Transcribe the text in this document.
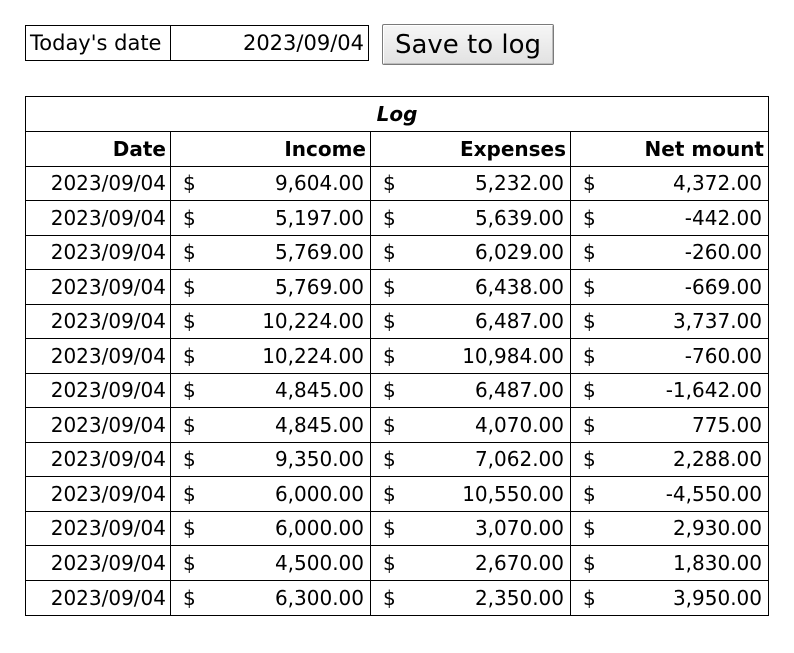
Today's date	2023/09/04	Save to log
Log
Date	Income	Expenses	Net mount
2023/09/04 $	9,604.00 $	5,232.00 $	4,372.00
2023/09/04 $	5,197.00 $	5,639.00 $	-442.00
2023/09/04 $	5,769.00 $	6,029.00 $	-260.00
2023/09/04 $	5,769.00 $	6,438.00 $	-669.00
2023/09/04 $	10,224.00 $	6,487.00 $	3,737.00
2023/09/04 $	10,224.00 $	10,984.00 $	-760.00
2023/09/04 $	4,845.00 $	6,487.00 $	-1,642.00
2023/09/04 $	4,845.00 $	4,070.00 $	775.00
2023/09/04 $	9,350.00 $	7,062.00 $	2,288.00
2023/09/04 $	6,000.00 $	10,550.00 $	-4,550.00
2023/09/04 $	6,000.00 $	3,070.00 $	2,930.00
2023/09/04 $	4,500.00 $	2,670.00 $	1,830.00
2023/09/04 $	6,300.00 $	2,350.00 $	3,950.00
